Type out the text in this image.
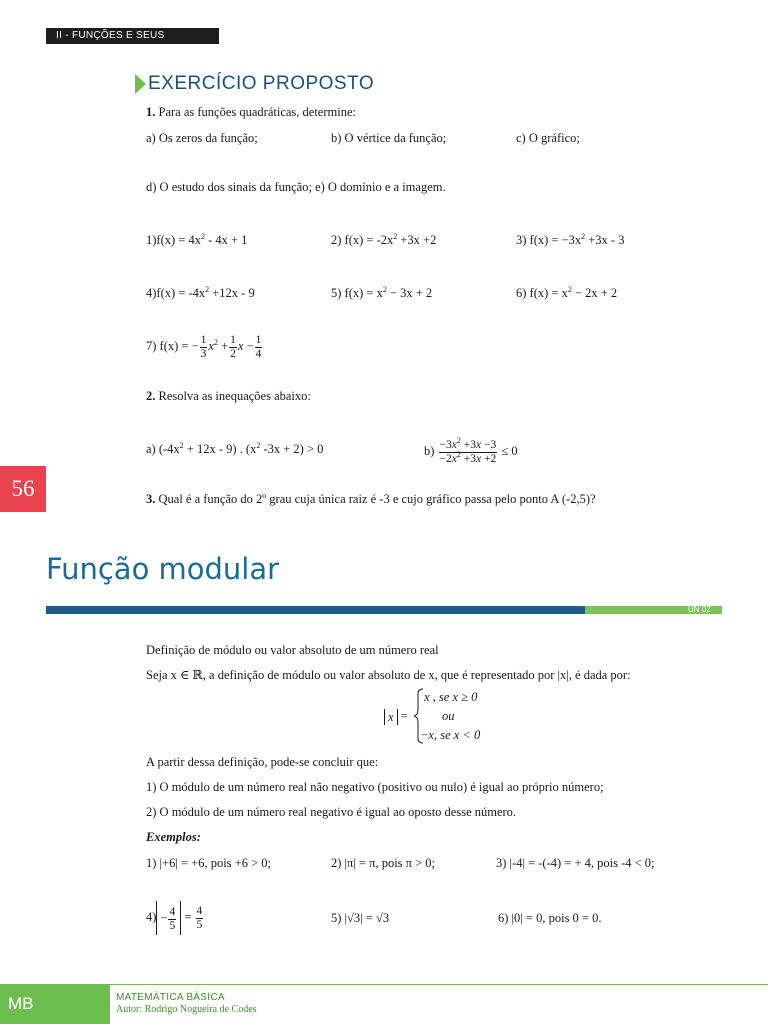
II - FUNÇÕES E SEUS GRÁFICOS
EXERCÍCIO PROPOSTO
1. Para as funções quadráticas, determine:
a) Os zeros da função;	b) O vértice da função;	c) O gráfico;
d) O estudo dos sinais da função; e) O domínio e a imagem.
$1)f(x) = 4x^2 - 4x + 1$	2) $f(x) = -2x^2 +3x +2$	3) $f(x) = -3x^2 +3x - 3$
$4)f(x) = -4x^2 +12x - 9$	5) $f(x) = x^2 - 3x + 2$	6) $f(x) = x^2 - 2x + 2$
7) f(x) = − $\frac{1}{3} x^2 + \frac{1}{2}$ $x - \frac{1}{4}$
2. Resolva as inequações abaixo:
a) $(-4x^2 + 12x - 9)$ . ($x^2$ -3x + 2) > 0	$b) \frac{-3x^2 +3x -3}{-2x^2 +3x +2} \le 0$
3. Qual é a função do 2º grau cuja única raiz é -3 e cujo gráfico passa pelo ponto A (-2,5)?
56
Função modular
UN 02
Definição de módulo ou valor absoluto de um número real
Seja x ∈ ℝ, a definição de módulo ou valor absoluto de x, que é representado por |x|, é dada por:
x =
x , se x ≥ 0
ou
−x, se x < 0
A partir dessa definição, pode-se concluir que:
1) O módulo de um número real não negativo (positivo ou nulo) é igual ao próprio número;
2) O módulo de um número real negativo é igual ao oposto desse número.
Exemplos:
1) |+6| = +6, pois +6 > 0;	2) |π| = π, pois π > 0;	3) |-4| = -(-4) = + 4, pois -4 < 0;
$4) - \frac{4}{5} = \frac{4}{5}$	5) |√3| = √3	6) |0| = 0, pois 0 = 0.
MB	MATEMÁTICA BÁSICA
Autor: Rodrigo Nogueira de Codes
